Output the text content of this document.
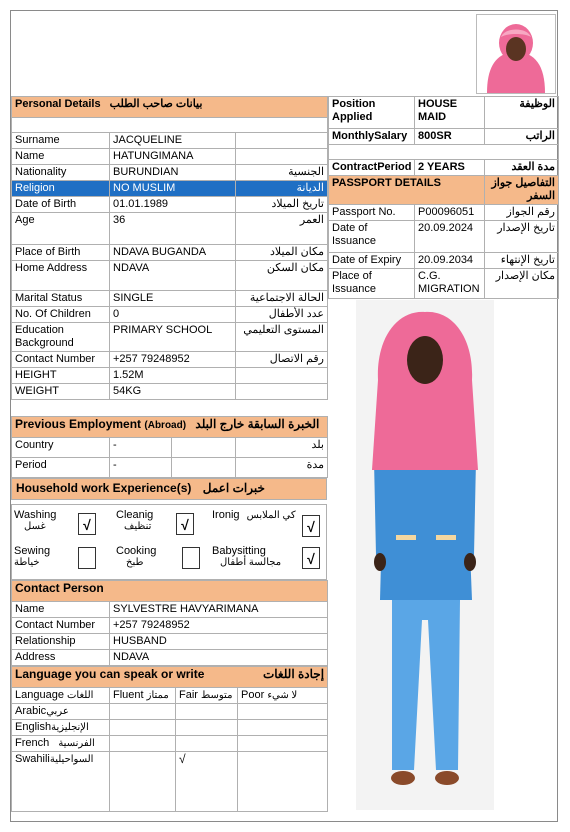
Personal Details بيانات صاحب الطلب		

Surname	JACQUELINE	
Name	HATUNGIMANA	
Nationality	BURUNDIAN	الجنسية
Religion	NO MUSLIM	الديانة
Date of Birth	01.01.1989	تاريخ الميلاد
Age	36	العمر
Place of Birth	NDAVA BUGANDA	مكان الميلاد
Home Address	NDAVA	مكان السكن
Marital Status	SINGLE	الحالة الاجتماعية
No. Of Children	0	عدد الأطفال
Education Background	PRIMARY SCHOOL	المستوى التعليمي
Contact Number	+257 79248952	رقم الاتصال
HEIGHT	1.52M	
WEIGHT	54KG	
Position Applied	HOUSE MAID	الوظيفة
MonthlySalary	800SR	الراتب

ContractPeriod	2 YEARS	مدة العقد
PASSPORT DETAILS		التفاصيل جواز السفر
Passport No.	P00096051	رقم الجواز
Date of Issuance	20.09.2024	تاريخ الإصدار
Date of Expiry	20.09.2034	تاريخ الإنتهاء
Place of Issuance	C.G. MIGRATION	مكان الإصدار
Previous Employment (Abroad) الخبرة السابقة خارج البلد			
Country	-		بلد
Period	-		مدة
Household work Experience(s) خبرات اعمل
Washing
غسل	√
Cleanig
تنظيف	√
Ironig كي الملابس
√
Sewing
خياطة
Cooking
طبخ
Babysitting
مجالسة أطفال	√
Contact Person	
Name	SYLVESTRE HAVYARIMANA
Contact Number	+257 79248952
Relationship	HUSBAND
Address	NDAVA
Language you can speak or write إجادة اللغات			

Language اللغات	Fluent ممتاز	Fair متوسط	Poor لا شيء
Arabicعربي			
Englishالإنجليزية			
French الفرنسية			
Swahiliالسواحيلية		√	
